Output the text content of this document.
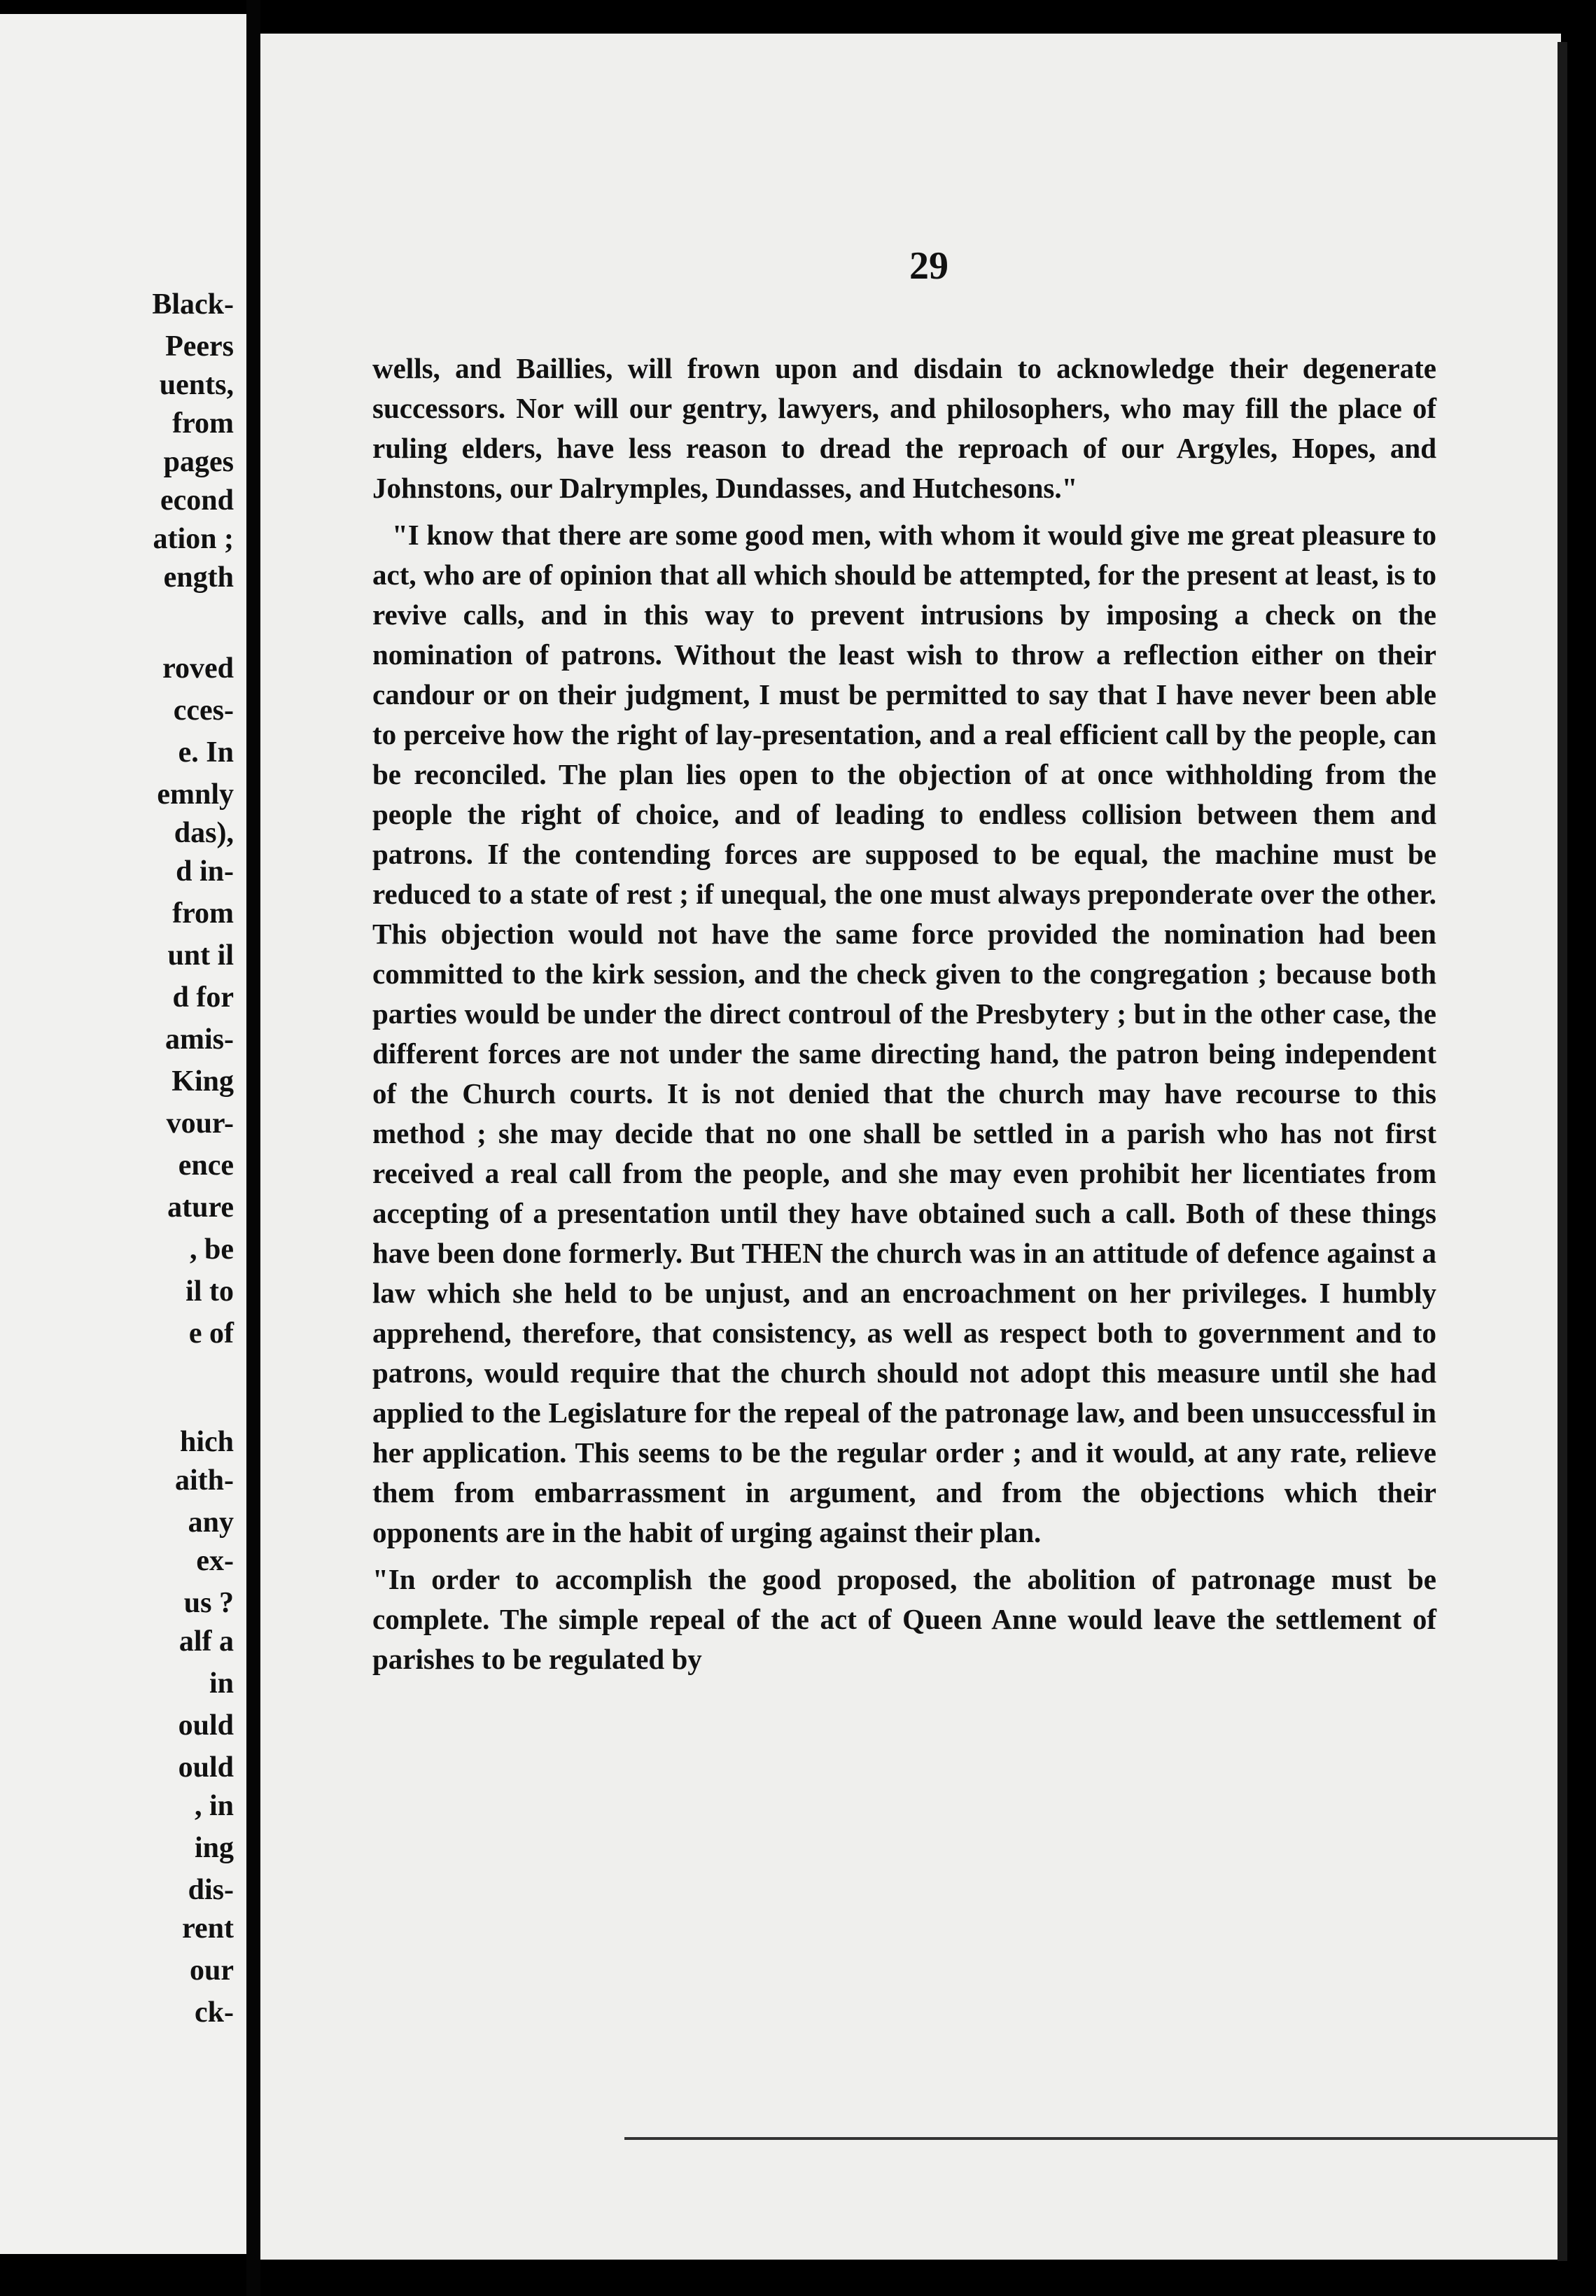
Black-
Peers
uents,
from
pages
econd
ation ;
ength
roved
cces-
e. In
emnly
das),
d in-
from
unt il
d for
amis-
King
vour-
ence
ature
, be
il to
e of
hich
aith-
any
ex-
us ?
alf a
in
ould
ould
, in
ing
dis-
rent
our
ck-
29

wells, and Baillies, will frown upon and disdain to acknowledge their degenerate successors. Nor will our gentry, lawyers, and philosophers, who may fill the place of ruling elders, have less reason to dread the reproach of our Argyles, Hopes, and Johnstons, our Dalrymples, Dundasses, and Hutchesons."

"I know that there are some good men, with whom it would give me great pleasure to act, who are of opinion that all which should be attempted, for the present at least, is to revive calls, and in this way to prevent intrusions by imposing a check on the nomination of patrons. Without the least wish to throw a reflection either on their candour or on their judgment, I must be permitted to say that I have never been able to perceive how the right of lay-presentation, and a real efficient call by the people, can be reconciled. The plan lies open to the objection of at once withholding from the people the right of choice, and of leading to endless collision between them and patrons. If the contending forces are supposed to be equal, the machine must be reduced to a state of rest ; if unequal, the one must always preponderate over the other. This objection would not have the same force provided the nomination had been committed to the kirk session, and the check given to the congregation ; because both parties would be under the direct controul of the Presbytery ; but in the other case, the different forces are not under the same directing hand, the patron being independent of the Church courts. It is not denied that the church may have recourse to this method ; she may decide that no one shall be settled in a parish who has not first received a real call from the people, and she may even prohibit her licentiates from accepting of a presentation until they have obtained such a call. Both of these things have been done formerly. But THEN the church was in an attitude of defence against a law which she held to be unjust, and an encroachment on her privileges. I humbly apprehend, therefore, that consistency, as well as respect both to government and to patrons, would require that the church should not adopt this measure until she had applied to the Legislature for the repeal of the patronage law, and been unsuccessful in her application. This seems to be the regular order ; and it would, at any rate, relieve them from embarrassment in argument, and from the objections which their opponents are in the habit of urging against their plan.

"In order to accomplish the good proposed, the abolition of patronage must be complete. The simple repeal of the act of Queen Anne would leave the settlement of parishes to be regulated by
